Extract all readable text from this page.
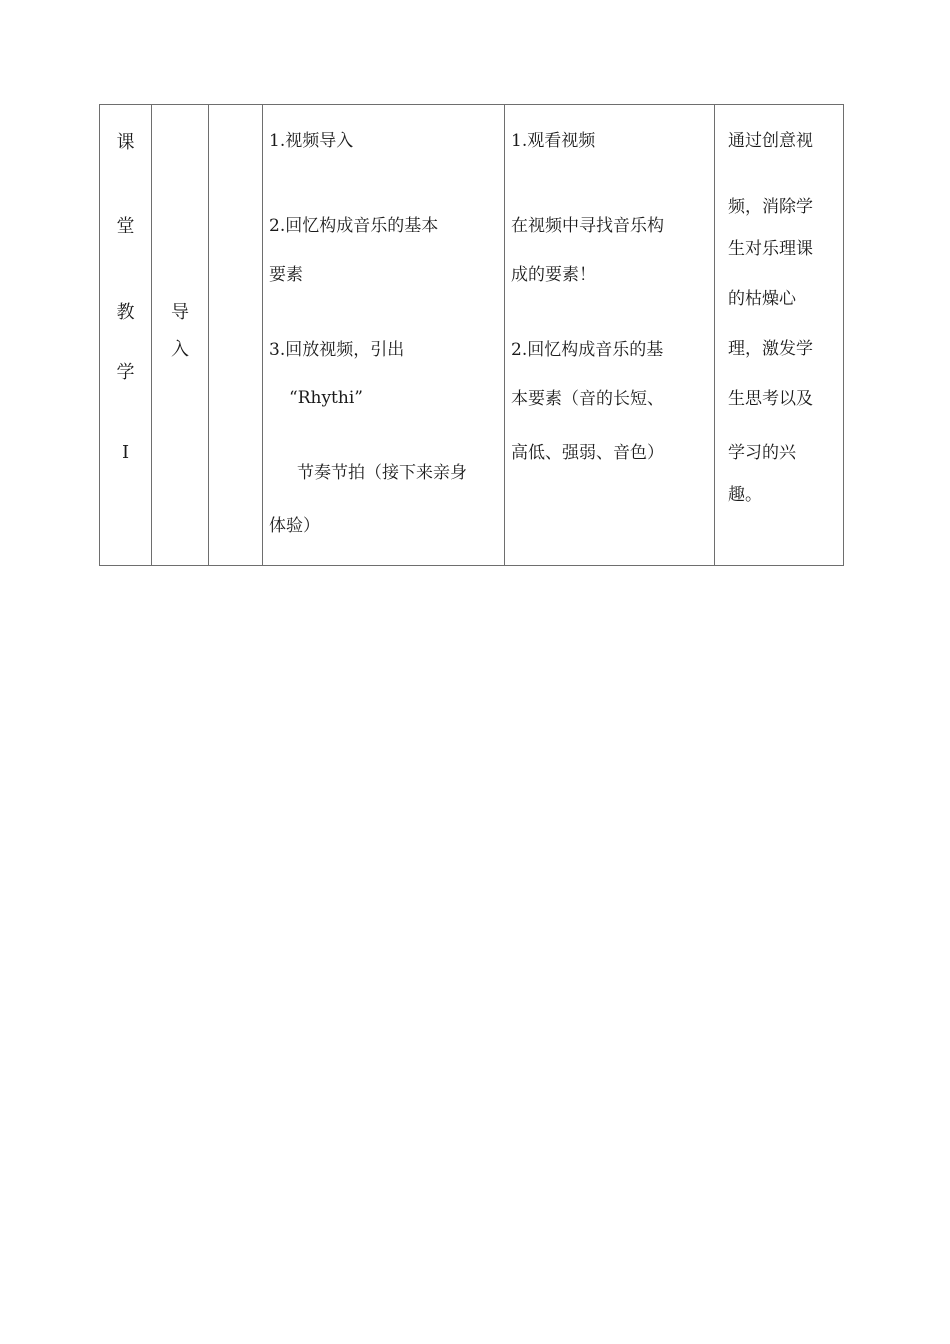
课
堂
教
学
I
导
入
1.视频导入
2.回忆构成音乐的基本
要素
3.回放视频，引出
“Rhythi”
节奏节拍（接下来亲身
体验）
1.观看视频
在视频中寻找音乐构
成的要素！
2.回忆构成音乐的基
本要素（音的长短、
高低、强弱、音色）
通过创意视
频，消除学
生对乐理课
的枯燥心
理，激发学
生思考以及
学习的兴
趣。
